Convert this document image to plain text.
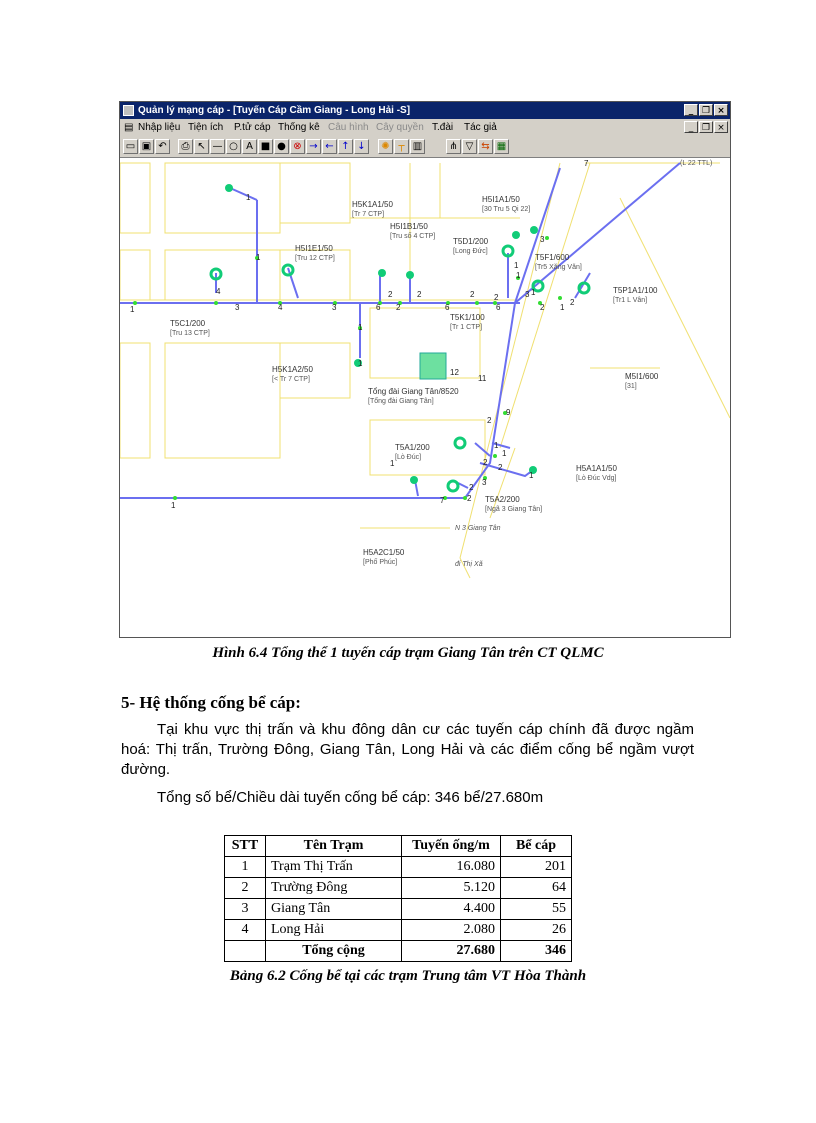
Quản lý mạng cáp - [Tuyến Cáp Cầm Giang - Long Hải -S]	_ ❐ ×
▤ Nhập liệu Tiện ích P.tử cáp Thống kê Câu hình Cây quyền T.đài Tác giả	_ ❐ ×
▭ ▣ ↶	⎙ ↖ — ○ A ■ ● ⊗ → ← ↑ ↓	✺ ┬ ▥	⋔ ▽ ⇆ ▦
H5K1A1/50
[Tr 7 CTP]
H5I1B1/50
[Tru số 4 CTP]
H5I1A1/50
[30 Tru 5 Qi 22]
H5I1E1/50
[Tru 12 CTP]
T5D1/200
[Long Đức]
T5F1/600
[Tr5 Xăng Văn]
T5P1A1/100
[Tr1 L Vân]
T5C1/200
[Tru 13 CTP]
T5K1/100
[Tr 1 CTP]
H5K1A2/50
[< Tr 7 CTP]
Tổng đài Giang Tân/8520
[Tổng đài Giang Tân]
M5I1/600
[31]
T5A1/200
[Lò Đúc]
H5A1A1/50
[Lò Đúc Vdg]
T5A2/200
[Ngã 3 Giang Tân]
H5A2C1/50
[Phố Phúc]
N 3 Giang Tân
đi Thị Xã
(L 22 TTL)
1
1
1
4
3	4	3	6
2	2
2	6	6
2 2
1
3
2 1
2
1
1
1
7
1
2
3
9
1
1
12
11
2
2
2
1
2
1
1
7
3
Hình 6.4 Tổng thể 1 tuyến cáp trạm Giang Tân trên CT QLMC
5- Hệ thống cống bể cáp:
Tại khu vực thị trấn và khu đông dân cư các tuyến cáp chính đã được ngầm hoá: Thị trấn, Trường Đông, Giang Tân, Long Hải và các điểm cống bể ngầm vượt đường.
Tổng số bể/Chiều dài tuyến cống bể cáp: 346 bể/27.680m
STT	Tên Trạm	Tuyến ống/m	Bể cáp
1	Trạm Thị Trấn	16.080	201
2	Trường Đông	5.120	64
3	Giang Tân	4.400	55
4	Long Hải	2.080	26
	Tổng cộng	27.680	346
Bảng 6.2 Cống bể tại các trạm Trung tâm VT Hòa Thành
